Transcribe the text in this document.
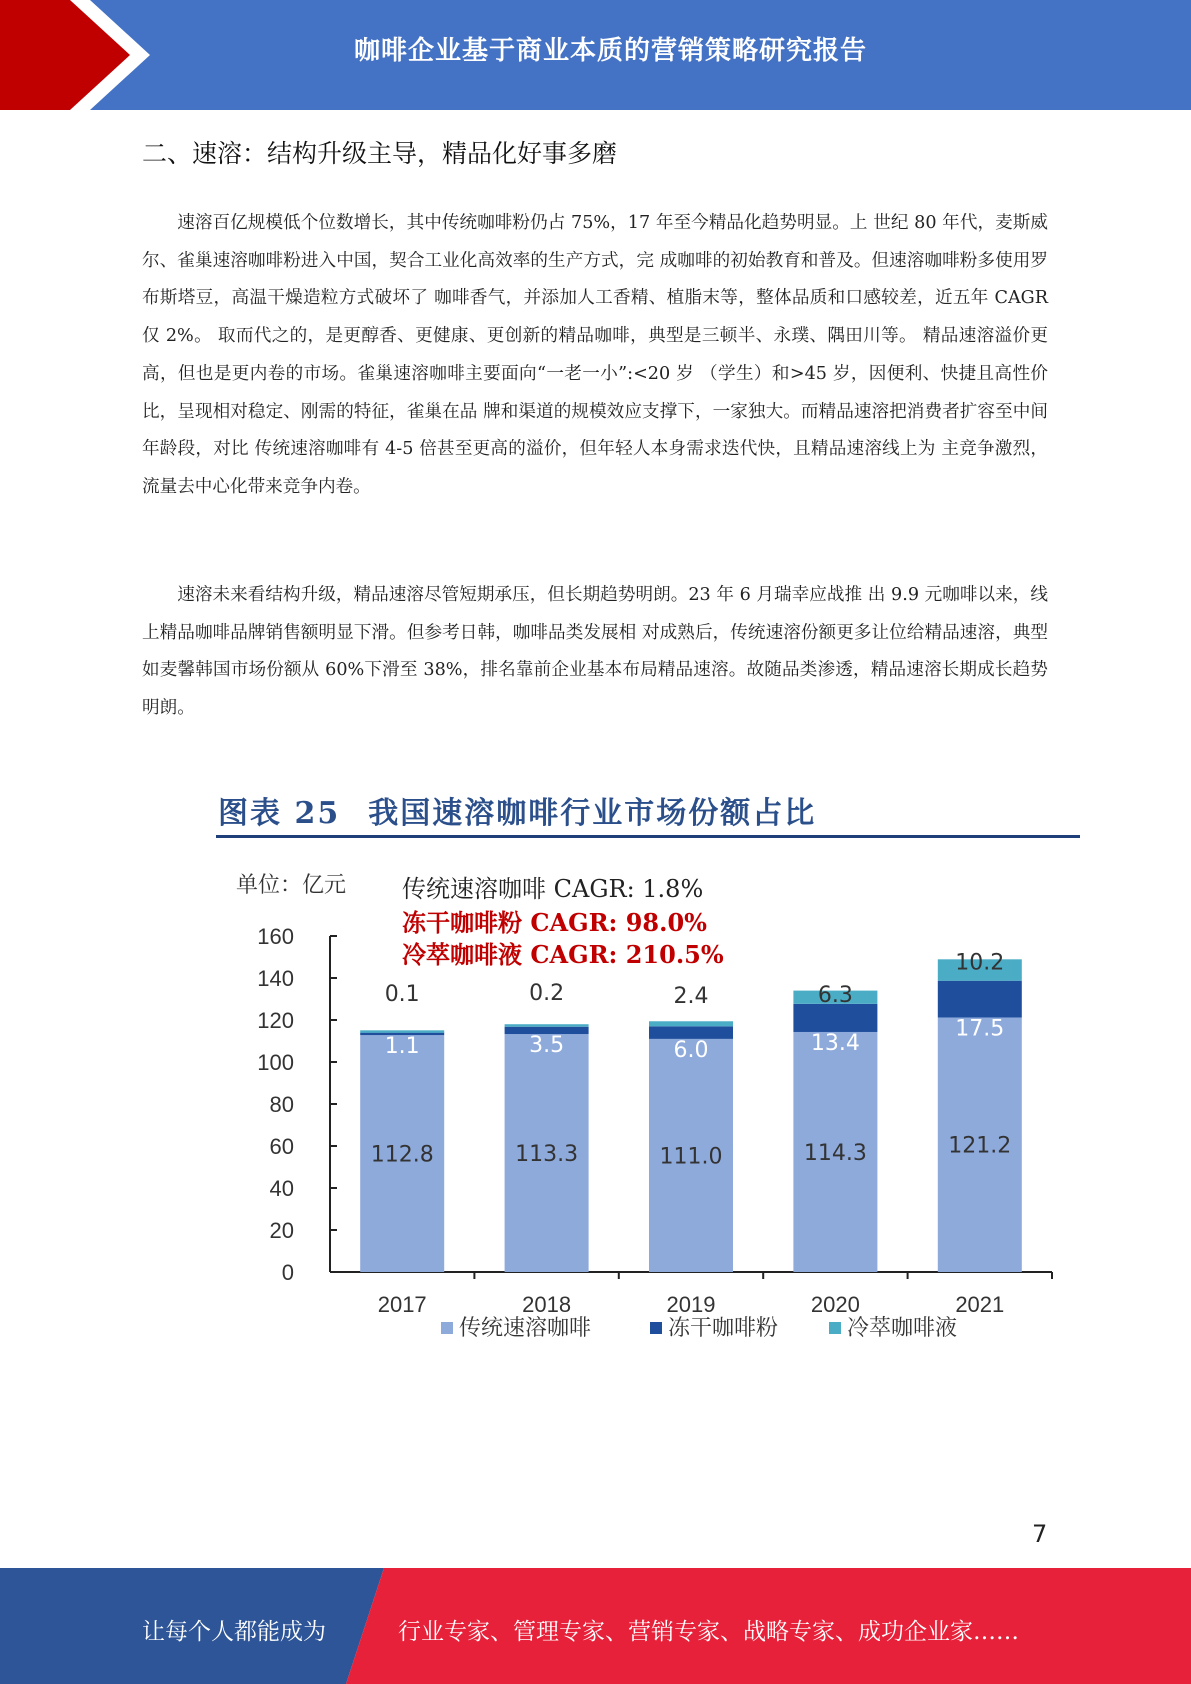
咖啡企业基于商业本质的营销策略研究报告
二、速溶：结构升级主导，精品化好事多磨

速溶百亿规模低个位数增长，其中传统咖啡粉仍占 75%，17 年至今精品化趋势明显。上 世纪 80 年代，麦斯威尔、雀巢速溶咖啡粉进入中国，契合工业化高效率的生产方式，完 成咖啡的初始教育和普及。但速溶咖啡粉多使用罗布斯塔豆，高温干燥造粒方式破坏了 咖啡香气，并添加人工香精、植脂末等，整体品质和口感较差，近五年 CAGR 仅 2%。 取而代之的，是更醇香、更健康、更创新的精品咖啡，典型是三顿半、永璞、隅田川等。 精品速溶溢价更高，但也是更内卷的市场。雀巢速溶咖啡主要面向“一老一小”:<20 岁 （学生）和>45 岁，因便利、快捷且高性价比，呈现相对稳定、刚需的特征，雀巢在品 牌和渠道的规模效应支撑下，一家独大。而精品速溶把消费者扩容至中间年龄段，对比 传统速溶咖啡有 4-5 倍甚至更高的溢价，但年轻人本身需求迭代快，且精品速溶线上为 主竞争激烈，流量去中心化带来竞争内卷。

速溶未来看结构升级，精品速溶尽管短期承压，但长期趋势明朗。23 年 6 月瑞幸应战推 出 9.9 元咖啡以来，线上精品咖啡品牌销售额明显下滑。但参考日韩，咖啡品类发展相 对成熟后，传统速溶份额更多让位给精品速溶，典型如麦馨韩国市场份额从 60%下滑至 38%，排名靠前企业基本布局精品速溶。故随品类渗透，精品速溶长期成长趋势明朗。

图表 25 我国速溶咖啡行业市场份额占比
单位：亿元 传统速溶咖啡 CAGR: 1.8%
冻干咖啡粉 CAGR: 98.0%
冷萃咖啡液 CAGR: 210.5%
0
20
40
60
80
100
120
140
160
2017
112.8
1.1
0.1
2018
113.3
3.5
0.2
2019
111.0
6.0
2.4
2020
114.3
13.4
6.3
2021
121.2
17.5
10.2
传统速溶咖啡	冻干咖啡粉	冷萃咖啡液
7
让每个人都能成为	行业专家、管理专家、营销专家、战略专家、成功企业家……
